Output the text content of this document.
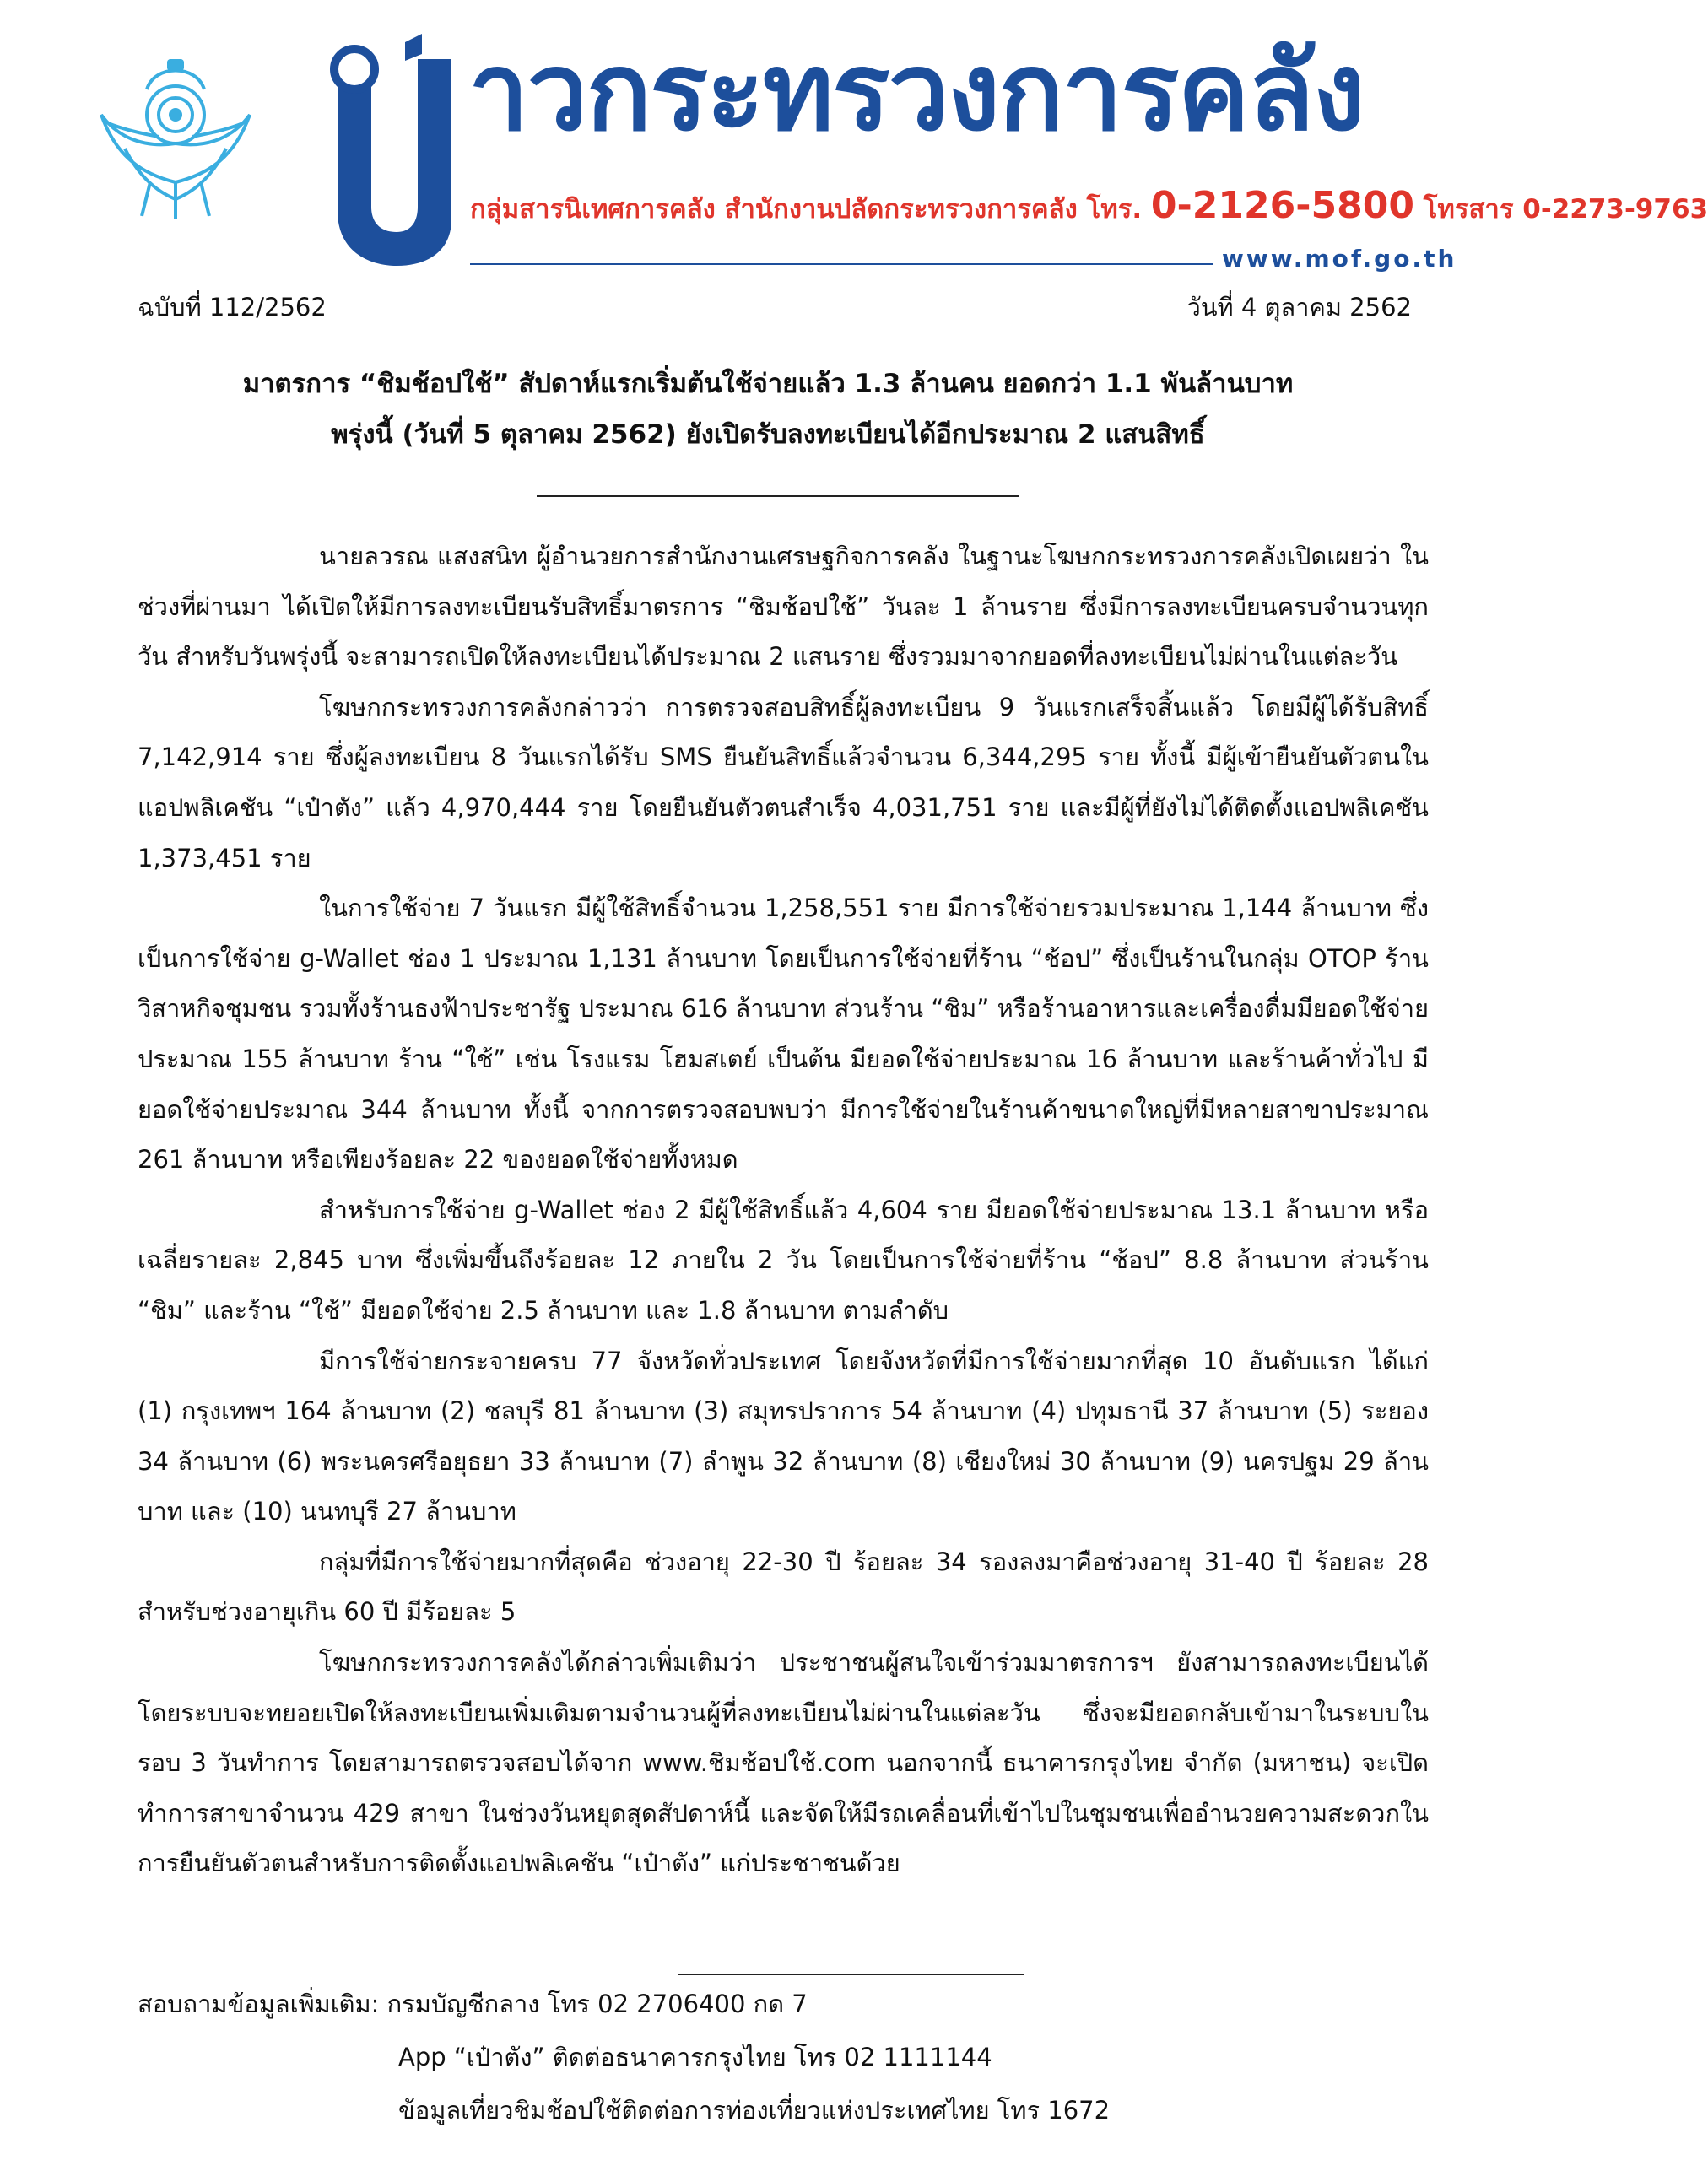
าวกระทรวงการคลัง
กลุ่มสารนิเทศการคลัง สำนักงานปลัดกระทรวงการคลัง โทร. 0-2126-5800 โทรสาร 0-2273-9763
www.mof.go.th
ฉบับที่ 112/2562	วันที่ 4 ตุลาคม 2562
มาตรการ “ชิมช้อปใช้” สัปดาห์แรกเริ่มต้นใช้จ่ายแล้ว 1.3 ล้านคน ยอดกว่า 1.1 พันล้านบาท
พรุ่งนี้ (วันที่ 5 ตุลาคม 2562) ยังเปิดรับลงทะเบียนได้อีกประมาณ 2 แสนสิทธิ์

นายลวรณ แสงสนิท ผู้อำนวยการสำนักงานเศรษฐกิจการคลัง ในฐานะโฆษกกระทรวงการคลังเปิดเผยว่า ในช่วงที่ผ่านมา ได้เปิดให้มีการลงทะเบียนรับสิทธิ์มาตรการ “ชิมช้อปใช้” วันละ 1 ล้านราย ซึ่งมีการลงทะเบียนครบจำนวนทุกวัน สำหรับวันพรุ่งนี้ จะสามารถเปิดให้ลงทะเบียนได้ประมาณ 2 แสนราย ซึ่งรวมมาจากยอดที่ลงทะเบียนไม่ผ่านในแต่ละวัน

โฆษกกระทรวงการคลังกล่าวว่า การตรวจสอบสิทธิ์ผู้ลงทะเบียน 9 วันแรกเสร็จสิ้นแล้ว โดยมีผู้ได้รับสิทธิ์ 7,142,914 ราย ซึ่งผู้ลงทะเบียน 8 วันแรกได้รับ SMS ยืนยันสิทธิ์แล้วจำนวน 6,344,295 ราย ทั้งนี้ มีผู้เข้ายืนยันตัวตนในแอปพลิเคชัน “เป๋าตัง” แล้ว 4,970,444 ราย โดยยืนยันตัวตนสำเร็จ 4,031,751 ราย และมีผู้ที่ยังไม่ได้ติดตั้งแอปพลิเคชัน 1,373,451 ราย

ในการใช้จ่าย 7 วันแรก มีผู้ใช้สิทธิ์จำนวน 1,258,551 ราย มีการใช้จ่ายรวมประมาณ 1,144 ล้านบาท ซึ่งเป็นการใช้จ่าย g-Wallet ช่อง 1 ประมาณ 1,131 ล้านบาท โดยเป็นการใช้จ่ายที่ร้าน “ช้อป” ซึ่งเป็นร้านในกลุ่ม OTOP ร้านวิสาหกิจชุมชน รวมทั้งร้านธงฟ้าประชารัฐ ประมาณ 616 ล้านบาท ส่วนร้าน “ชิม” หรือร้านอาหารและเครื่องดื่มมียอดใช้จ่ายประมาณ 155 ล้านบาท ร้าน “ใช้” เช่น โรงแรม โฮมสเตย์ เป็นต้น มียอดใช้จ่ายประมาณ 16 ล้านบาท และร้านค้าทั่วไป มียอดใช้จ่ายประมาณ 344 ล้านบาท ทั้งนี้ จากการตรวจสอบพบว่า มีการใช้จ่ายในร้านค้าขนาดใหญ่ที่มีหลายสาขาประมาณ 261 ล้านบาท หรือเพียงร้อยละ 22 ของยอดใช้จ่ายทั้งหมด

สำหรับการใช้จ่าย g-Wallet ช่อง 2 มีผู้ใช้สิทธิ์แล้ว 4,604 ราย มียอดใช้จ่ายประมาณ 13.1 ล้านบาท หรือเฉลี่ยรายละ 2,845 บาท ซึ่งเพิ่มขึ้นถึงร้อยละ 12 ภายใน 2 วัน โดยเป็นการใช้จ่ายที่ร้าน “ช้อป” 8.8 ล้านบาท ส่วนร้าน “ชิม” และร้าน “ใช้” มียอดใช้จ่าย 2.5 ล้านบาท และ 1.8 ล้านบาท ตามลำดับ

มีการใช้จ่ายกระจายครบ 77 จังหวัดทั่วประเทศ โดยจังหวัดที่มีการใช้จ่ายมากที่สุด 10 อันดับแรก ได้แก่ (1) กรุงเทพฯ 164 ล้านบาท (2) ชลบุรี 81 ล้านบาท (3) สมุทรปราการ 54 ล้านบาท (4) ปทุมธานี 37 ล้านบาท (5) ระยอง 34 ล้านบาท (6) พระนครศรีอยุธยา 33 ล้านบาท (7) ลำพูน 32 ล้านบาท (8) เชียงใหม่ 30 ล้านบาท (9) นครปฐม 29 ล้านบาท และ (10) นนทบุรี 27 ล้านบาท

กลุ่มที่มีการใช้จ่ายมากที่สุดคือ ช่วงอายุ 22-30 ปี ร้อยละ 34 รองลงมาคือช่วงอายุ 31-40 ปี ร้อยละ 28 สำหรับช่วงอายุเกิน 60 ปี มีร้อยละ 5

โฆษกกระทรวงการคลังได้กล่าวเพิ่มเติมว่า ประชาชนผู้สนใจเข้าร่วมมาตรการฯ ยังสามารถลงทะเบียนได้ โดยระบบจะทยอยเปิดให้ลงทะเบียนเพิ่มเติมตามจำนวนผู้ที่ลงทะเบียนไม่ผ่านในแต่ละวัน ซึ่งจะมียอดกลับเข้ามาในระบบในรอบ 3 วันทำการ โดยสามารถตรวจสอบได้จาก www.ชิมช้อปใช้.com นอกจากนี้ ธนาคารกรุงไทย จำกัด (มหาชน) จะเปิดทำการสาขาจำนวน 429 สาขา ในช่วงวันหยุดสุดสัปดาห์นี้ และจัดให้มีรถเคลื่อนที่เข้าไปในชุมชนเพื่ออำนวยความสะดวกในการยืนยันตัวตนสำหรับการติดตั้งแอปพลิเคชัน “เป๋าตัง” แก่ประชาชนด้วย

สอบถามข้อมูลเพิ่มเติม: กรมบัญชีกลาง โทร 02 2706400 กด 7
App “เป๋าตัง” ติดต่อธนาคารกรุงไทย โทร 02 1111144
ข้อมูลเที่ยวชิมช้อปใช้ติดต่อการท่องเที่ยวแห่งประเทศไทย โทร 1672
